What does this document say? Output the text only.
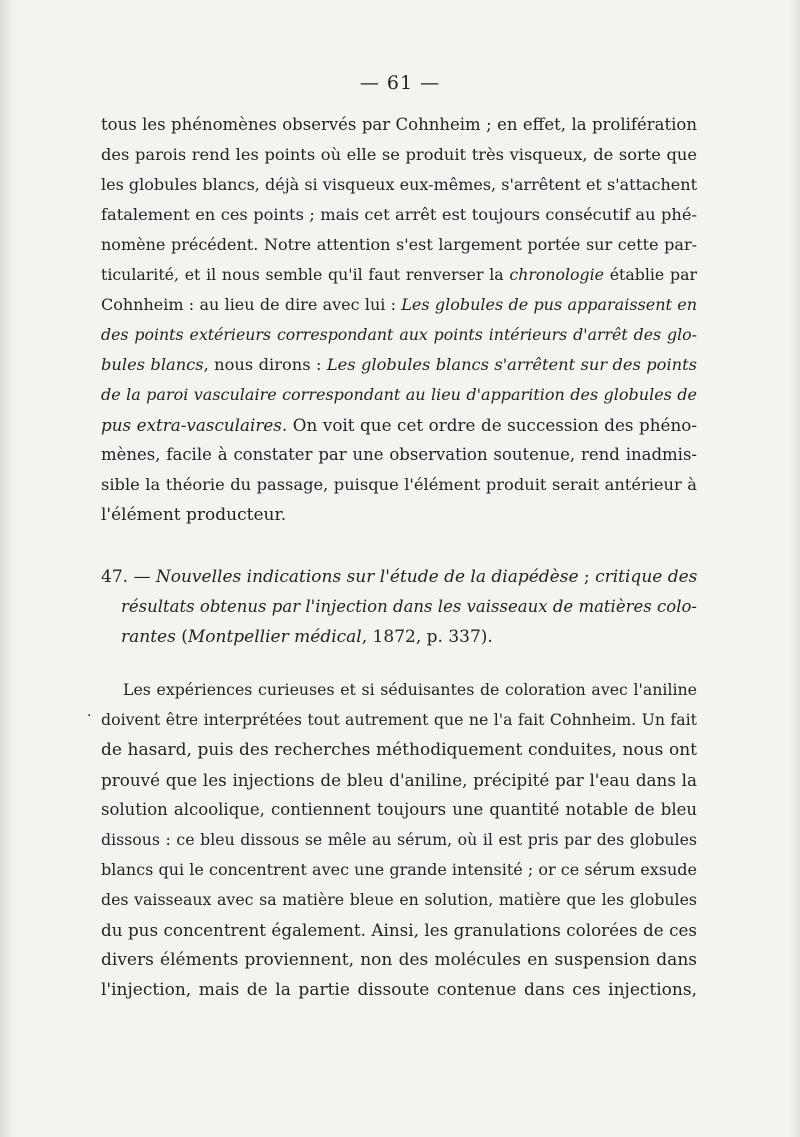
— 61 —
tous les phénomènes observés par Cohnheim ; en effet, la prolifération
des parois rend les points où elle se produit très visqueux, de sorte que
les globules blancs, déjà si visqueux eux-mêmes, s'arrêtent et s'attachent
fatalement en ces points ; mais cet arrêt est toujours consécutif au phé-
nomène précédent. Notre attention s'est largement portée sur cette par-
ticularité, et il nous semble qu'il faut renverser la chronologie établie par
Cohnheim : au lieu de dire avec lui : Les globules de pus apparaissent en
des points extérieurs correspondant aux points intérieurs d'arrêt des glo-
bules blancs, nous dirons : Les globules blancs s'arrêtent sur des points
de la paroi vasculaire correspondant au lieu d'apparition des globules de
pus extra-vasculaires. On voit que cet ordre de succession des phéno-
mènes, facile à constater par une observation soutenue, rend inadmis-
sible la théorie du passage, puisque l'élément produit serait antérieur à
l'élément producteur.
47. — Nouvelles indications sur l'étude de la diapédèse ; critique des
résultats obtenus par l'injection dans les vaisseaux de matières colo-
rantes (Montpellier médical, 1872, p. 337).
.
Les expériences curieuses et si séduisantes de coloration avec l'aniline
doivent être interprétées tout autrement que ne l'a fait Cohnheim. Un fait
de hasard, puis des recherches méthodiquement conduites, nous ont
prouvé que les injections de bleu d'aniline, précipité par l'eau dans la
solution alcoolique, contiennent toujours une quantité notable de bleu
dissous : ce bleu dissous se mêle au sérum, où il est pris par des globules
blancs qui le concentrent avec une grande intensité ; or ce sérum exsude
des vaisseaux avec sa matière bleue en solution, matière que les globules
du pus concentrent également. Ainsi, les granulations colorées de ces
divers éléments proviennent, non des molécules en suspension dans
l'injection, mais de la partie dissoute contenue dans ces injections,
